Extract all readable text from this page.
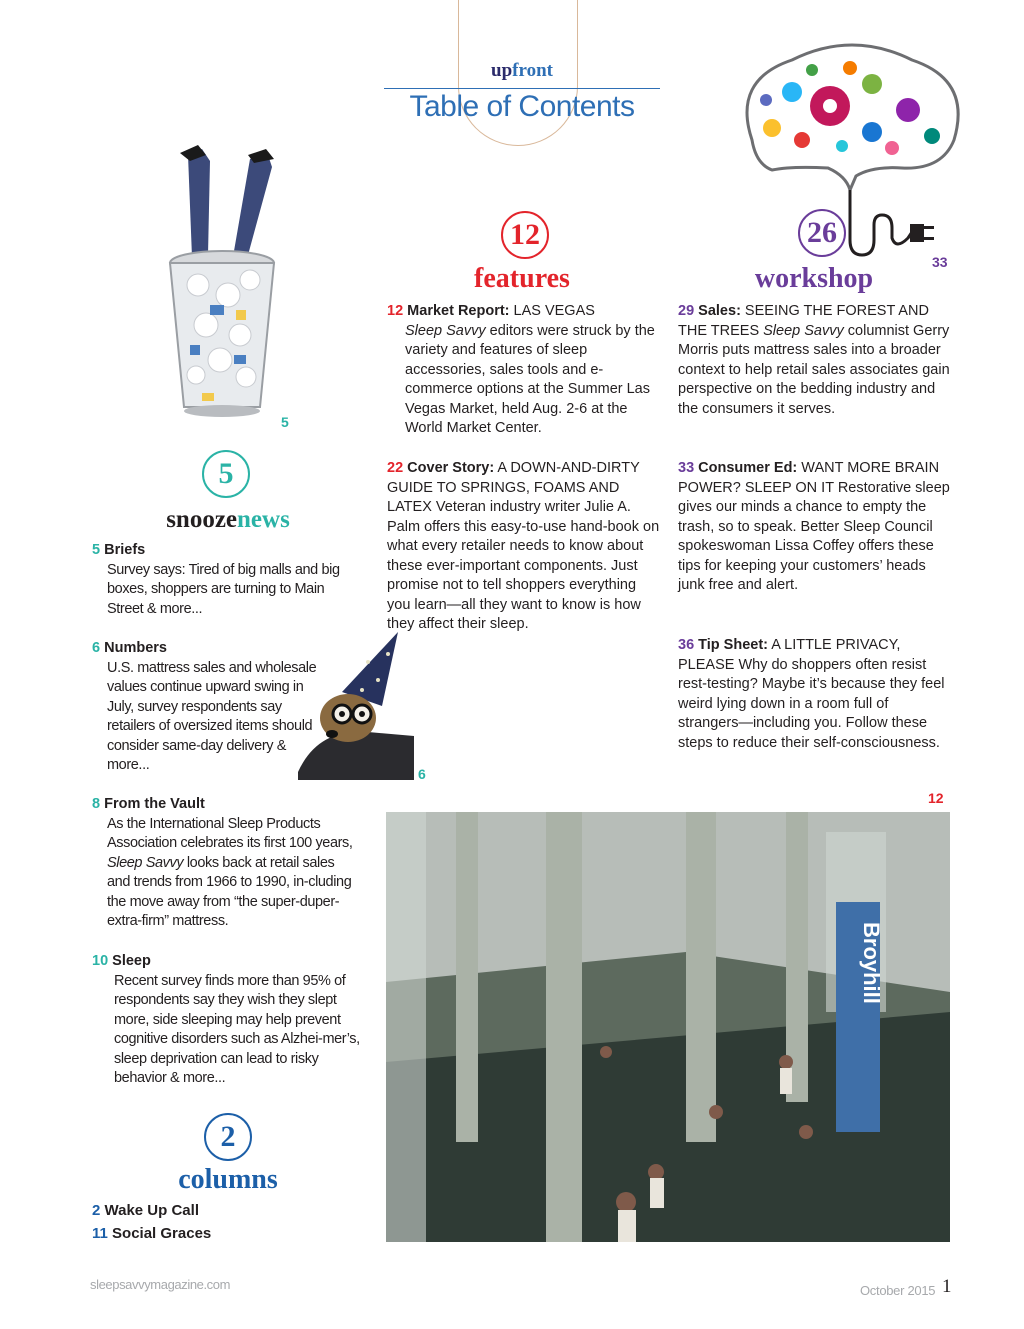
upfront
Table of Contents
5
6
33
12
features
12 Market Report: LAS VEGAS

Sleep Savvy editors were struck by the variety and features of sleep accessories, sales tools and e-commerce options at the Summer Las Vegas Market, held Aug. 2-6 at the World Market Center.
22 Cover Story: A DOWN-AND-DIRTY GUIDE TO SPRINGS, FOAMS AND LATEX Veteran industry writer Julie A. Palm offers this easy-to-use hand-book on what every retailer needs to know about these ever-important components. Just promise not to tell shoppers everything you learn—all they want to know is how they affect their sleep.
26
workshop
29 Sales: SEEING THE FOREST AND THE TREES Sleep Savvy columnist Gerry Morris puts mattress sales into a broader context to help retail sales associates gain perspective on the bedding industry and the consumers it serves.
33 Consumer Ed: WANT MORE BRAIN POWER? SLEEP ON IT Restorative sleep gives our minds a chance to empty the trash, so to speak. Better Sleep Council spokeswoman Lissa Coffey offers these tips for keeping your customers’ heads junk free and alert.
36 Tip Sheet: A LITTLE PRIVACY, PLEASE Why do shoppers often resist rest-testing? Maybe it’s because they feel weird lying down in a room full of strangers—including you. Follow these steps to reduce their self-consciousness.
5
snoozenews
5 Briefs
Survey says: Tired of big malls and big boxes, shoppers are turning to Main Street & more...
6 Numbers
U.S. mattress sales and wholesale values continue upward swing in July, survey respondents say retailers of oversized items should consider same-day delivery & more...
8 From the Vault
As the International Sleep Products Association celebrates its first 100 years, Sleep Savvy looks back at retail sales and trends from 1966 to 1990, in-cluding the move away from “the super-duper-extra-firm” mattress.
10 Sleep
Recent survey finds more than 95% of respondents say they wish they slept more, side sleeping may help prevent cognitive disorders such as Alzhei-mer’s, sleep deprivation can lead to risky behavior & more...
2
columns
2 Wake Up Call
11 Social Graces
12
Broyhill
sleepsavvymagazine.com	October 2015 1
